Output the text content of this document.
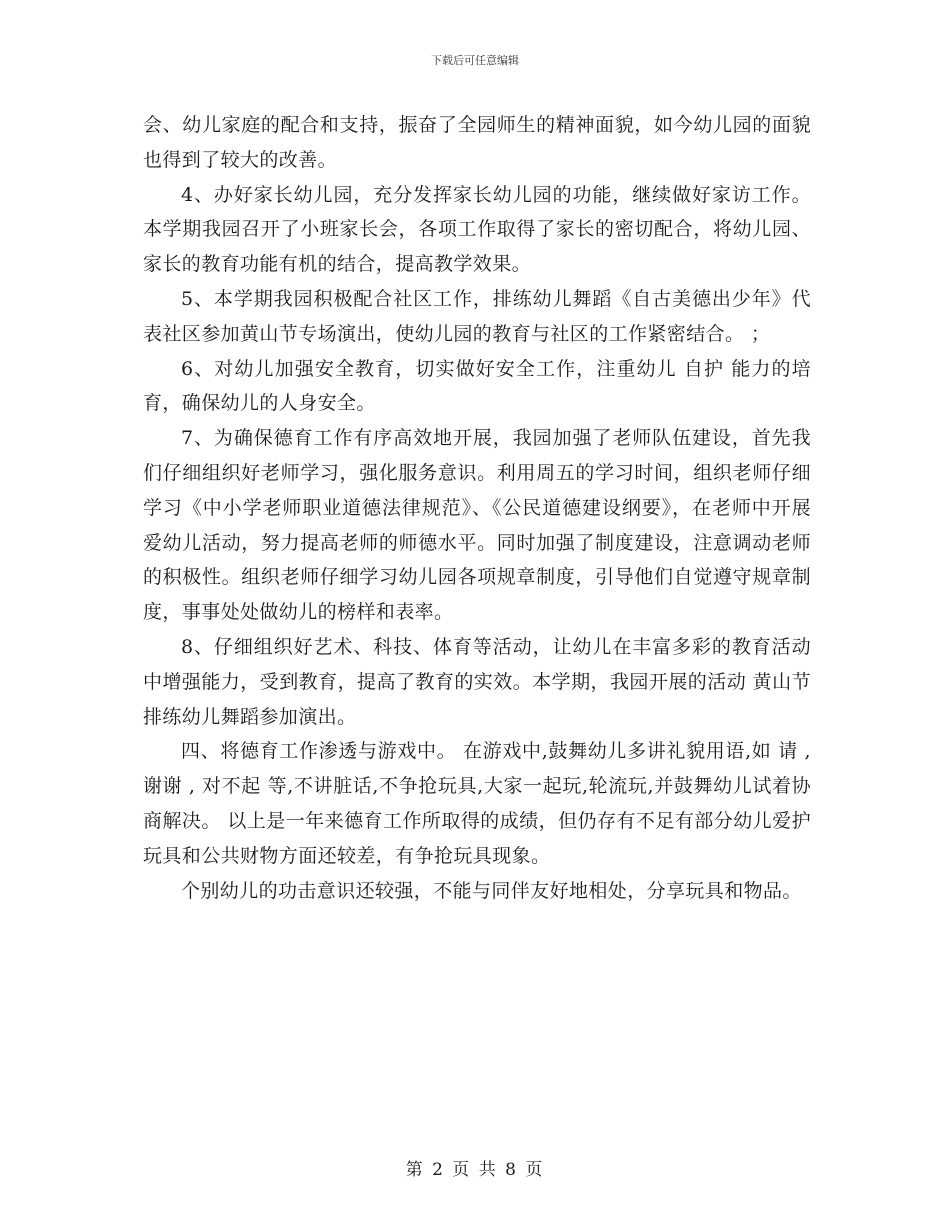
下载后可任意编辑

会、幼儿家庭的配合和支持，振奋了全园师生的精神面貌，如今幼儿园的面貌也得到了较大的改善。

4、办好家长幼儿园，充分发挥家长幼儿园的功能，继续做好家访工作。本学期我园召开了小班家长会，各项工作取得了家长的密切配合，将幼儿园、家长的教育功能有机的结合，提高教学效果。

5、本学期我园积极配合社区工作，排练幼儿舞蹈《自古美德出少年》代表社区参加黄山节专场演出，使幼儿园的教育与社区的工作紧密结合。 ；

6、对幼儿加强安全教育，切实做好安全工作，注重幼儿 自护 能力的培育，确保幼儿的人身安全。

7、为确保德育工作有序高效地开展，我园加强了老师队伍建设，首先我们仔细组织好老师学习，强化服务意识。利用周五的学习时间，组织老师仔细学习《中小学老师职业道德法律规范》、《公民道德建设纲要》，在老师中开展爱幼儿活动，努力提高老师的师德水平。同时加强了制度建设，注意调动老师的积极性。组织老师仔细学习幼儿园各项规章制度，引导他们自觉遵守规章制度，事事处处做幼儿的榜样和表率。

8、仔细组织好艺术、科技、体育等活动，让幼儿在丰富多彩的教育活动中增强能力，受到教育，提高了教育的实效。本学期，我园开展的活动 黄山节排练幼儿舞蹈参加演出。

四、将德育工作渗透与游戏中。 在游戏中,鼓舞幼儿多讲礼貌用语,如 请 , 谢谢 , 对不起 等,不讲脏话,不争抢玩具,大家一起玩,轮流玩,并鼓舞幼儿试着协商解决。 以上是一年来德育工作所取得的成绩，但仍存有不足有部分幼儿爱护玩具和公共财物方面还较差，有争抢玩具现象。

个别幼儿的功击意识还较强，不能与同伴友好地相处，分享玩具和物品。

第 2 页 共 8 页
